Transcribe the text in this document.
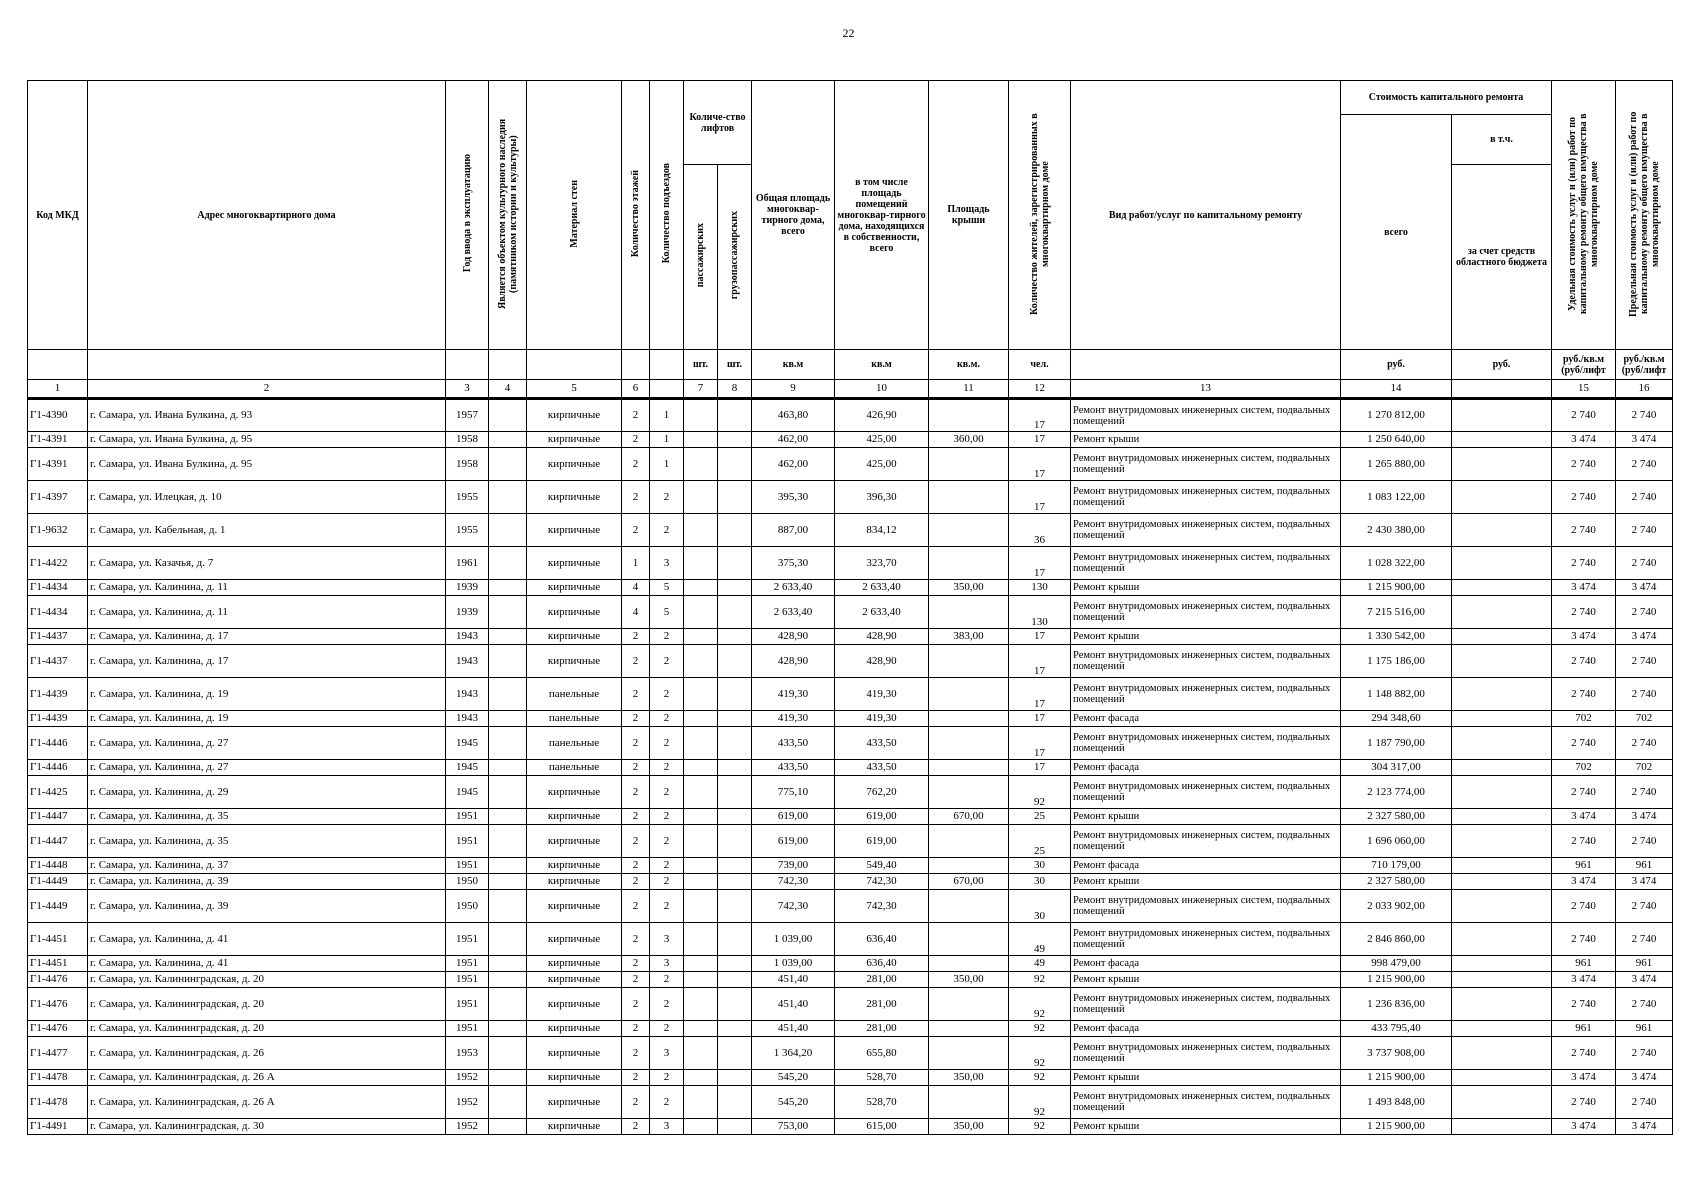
22
Код МКД	Адрес многоквартирного дома	Год ввода в эксплуатацию	Является объектом культурного наследия (памятником истории и культуры)	Материал стен	Количество этажей	Количество подъездов	Количе-ство лифтов		Общая площадь многоквар-тирного дома, всего	в том числе площадь помещений многоквар-тирного дома, находящихся в собственности, всего	Площадь крыши	Количество жителей, зарегистрированных в многоквартирном доме	Вид работ/услуг по капитальному ремонту	Стоимость капитального ремонта		Удельная стоимость услуг и (или) работ по капитальному ремонту общего имущества в многоквартирном доме	Предельная стоимость услуг и (или) работ по капитальному ремонту общего имущества в многоквартирном доме
														всего	в т.ч.		
							пассажирских	грузопассажирских							за счет средств областного бюджета		
							шт.	шт.	кв.м	кв.м	кв.м.	чел.		руб.	руб.	руб./кв.м (руб/лифт	руб./кв.м (руб/лифт
1	2	3	4	5	6		7	8	9	10	11	12	13	14		15	16
Г1-4390	г. Самара, ул. Ивана Булкина, д. 93	1957		кирпичные	2	1			463,80	426,90		17	Ремонт внутридомовых инженерных систем, подвальных помещений	1 270 812,00		2 740	2 740
Г1-4391	г. Самара, ул. Ивана Булкина, д. 95	1958		кирпичные	2	1			462,00	425,00	360,00	17	Ремонт крыши	1 250 640,00		3 474	3 474
Г1-4391	г. Самара, ул. Ивана Булкина, д. 95	1958		кирпичные	2	1			462,00	425,00		17	Ремонт внутридомовых инженерных систем, подвальных помещений	1 265 880,00		2 740	2 740
Г1-4397	г. Самара, ул. Илецкая, д. 10	1955		кирпичные	2	2			395,30	396,30		17	Ремонт внутридомовых инженерных систем, подвальных помещений	1 083 122,00		2 740	2 740
Г1-9632	г. Самара, ул. Кабельная, д. 1	1955		кирпичные	2	2			887,00	834,12		36	Ремонт внутридомовых инженерных систем, подвальных помещений	2 430 380,00		2 740	2 740
Г1-4422	г. Самара, ул. Казачья, д. 7	1961		кирпичные	1	3			375,30	323,70		17	Ремонт внутридомовых инженерных систем, подвальных помещений	1 028 322,00		2 740	2 740
Г1-4434	г. Самара, ул. Калинина, д. 11	1939		кирпичные	4	5			2 633,40	2 633,40	350,00	130	Ремонт крыши	1 215 900,00		3 474	3 474
Г1-4434	г. Самара, ул. Калинина, д. 11	1939		кирпичные	4	5			2 633,40	2 633,40		130	Ремонт внутридомовых инженерных систем, подвальных помещений	7 215 516,00		2 740	2 740
Г1-4437	г. Самара, ул. Калинина, д. 17	1943		кирпичные	2	2			428,90	428,90	383,00	17	Ремонт крыши	1 330 542,00		3 474	3 474
Г1-4437	г. Самара, ул. Калинина, д. 17	1943		кирпичные	2	2			428,90	428,90		17	Ремонт внутридомовых инженерных систем, подвальных помещений	1 175 186,00		2 740	2 740
Г1-4439	г. Самара, ул. Калинина, д. 19	1943		панельные	2	2			419,30	419,30		17	Ремонт внутридомовых инженерных систем, подвальных помещений	1 148 882,00		2 740	2 740
Г1-4439	г. Самара, ул. Калинина, д. 19	1943		панельные	2	2			419,30	419,30		17	Ремонт фасада	294 348,60		702	702
Г1-4446	г. Самара, ул. Калинина, д. 27	1945		панельные	2	2			433,50	433,50		17	Ремонт внутридомовых инженерных систем, подвальных помещений	1 187 790,00		2 740	2 740
Г1-4446	г. Самара, ул. Калинина, д. 27	1945		панельные	2	2			433,50	433,50		17	Ремонт фасада	304 317,00		702	702
Г1-4425	г. Самара, ул. Калинина, д. 29	1945		кирпичные	2	2			775,10	762,20		92	Ремонт внутридомовых инженерных систем, подвальных помещений	2 123 774,00		2 740	2 740
Г1-4447	г. Самара, ул. Калинина, д. 35	1951		кирпичные	2	2			619,00	619,00	670,00	25	Ремонт крыши	2 327 580,00		3 474	3 474
Г1-4447	г. Самара, ул. Калинина, д. 35	1951		кирпичные	2	2			619,00	619,00		25	Ремонт внутридомовых инженерных систем, подвальных помещений	1 696 060,00		2 740	2 740
Г1-4448	г. Самара, ул. Калинина, д. 37	1951		кирпичные	2	2			739,00	549,40		30	Ремонт фасада	710 179,00		961	961
Г1-4449	г. Самара, ул. Калинина, д. 39	1950		кирпичные	2	2			742,30	742,30	670,00	30	Ремонт крыши	2 327 580,00		3 474	3 474
Г1-4449	г. Самара, ул. Калинина, д. 39	1950		кирпичные	2	2			742,30	742,30		30	Ремонт внутридомовых инженерных систем, подвальных помещений	2 033 902,00		2 740	2 740
Г1-4451	г. Самара, ул. Калинина, д. 41	1951		кирпичные	2	3			1 039,00	636,40		49	Ремонт внутридомовых инженерных систем, подвальных помещений	2 846 860,00		2 740	2 740
Г1-4451	г. Самара, ул. Калинина, д. 41	1951		кирпичные	2	3			1 039,00	636,40		49	Ремонт фасада	998 479,00		961	961
Г1-4476	г. Самара, ул. Калининградская, д. 20	1951		кирпичные	2	2			451,40	281,00	350,00	92	Ремонт крыши	1 215 900,00		3 474	3 474
Г1-4476	г. Самара, ул. Калининградская, д. 20	1951		кирпичные	2	2			451,40	281,00		92	Ремонт внутридомовых инженерных систем, подвальных помещений	1 236 836,00		2 740	2 740
Г1-4476	г. Самара, ул. Калининградская, д. 20	1951		кирпичные	2	2			451,40	281,00		92	Ремонт фасада	433 795,40		961	961
Г1-4477	г. Самара, ул. Калининградская, д. 26	1953		кирпичные	2	3			1 364,20	655,80		92	Ремонт внутридомовых инженерных систем, подвальных помещений	3 737 908,00		2 740	2 740
Г1-4478	г. Самара, ул. Калининградская, д. 26 А	1952		кирпичные	2	2			545,20	528,70	350,00	92	Ремонт крыши	1 215 900,00		3 474	3 474
Г1-4478	г. Самара, ул. Калининградская, д. 26 А	1952		кирпичные	2	2			545,20	528,70		92	Ремонт внутридомовых инженерных систем, подвальных помещений	1 493 848,00		2 740	2 740
Г1-4491	г. Самара, ул. Калининградская, д. 30	1952		кирпичные	2	3			753,00	615,00	350,00	92	Ремонт крыши	1 215 900,00		3 474	3 474
